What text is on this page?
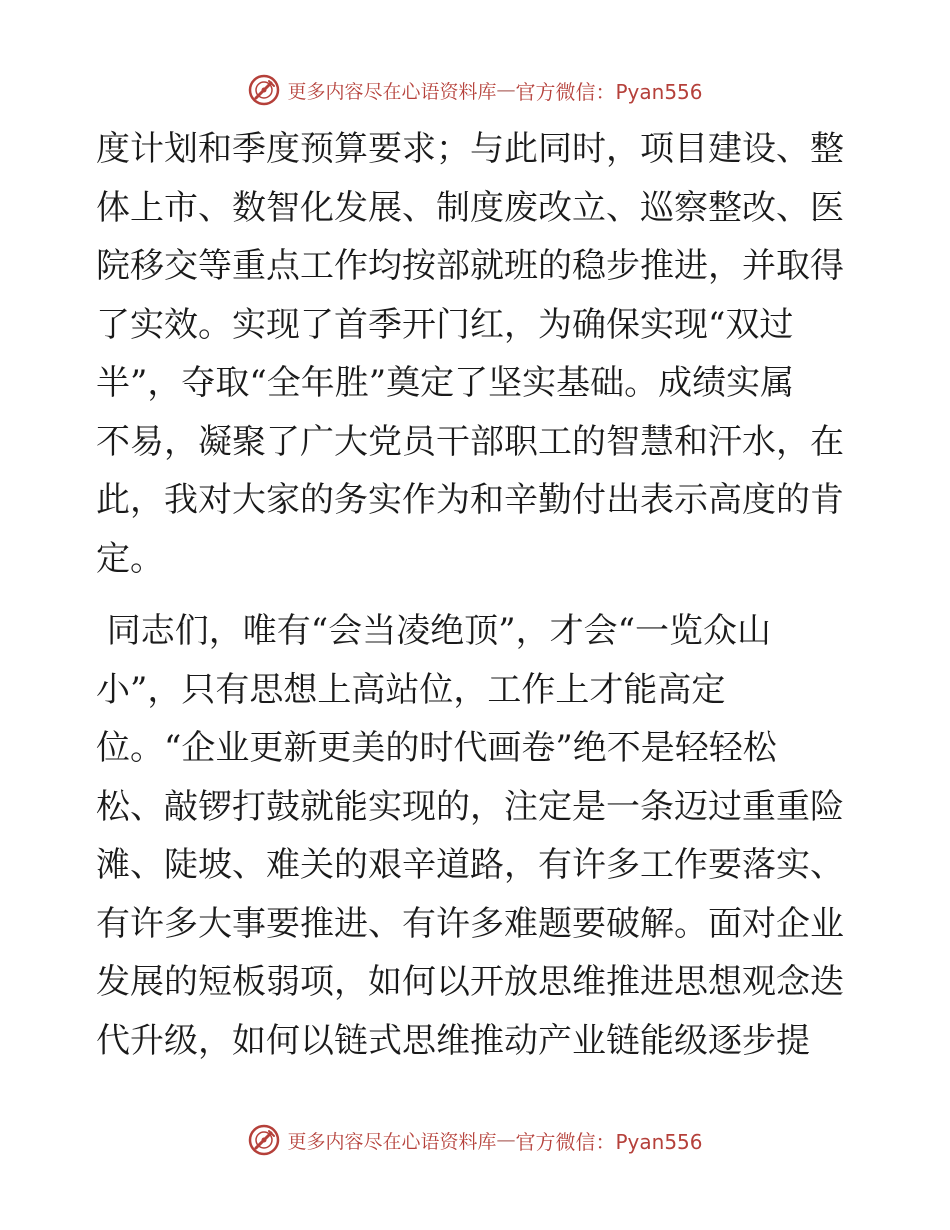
更多内容尽在心语资料库 — 官方微信：Pyan556
度计划和季度预算要求；与此同时，项目建设、整
体上市、数智化发展、制度废改立、巡察整改、医
院移交等重点工作均按部就班的稳步推进，并取得
了实效。实现了首季开门红，为确保实现“双过
半”，夺取“全年胜”奠定了坚实基础。成绩实属
不易，凝聚了广大党员干部职工的智慧和汗水，在
此，我对大家的务实作为和辛勤付出表示高度的肯
定。
同志们，唯有“会当凌绝顶”，才会“一览众山
小”，只有思想上高站位，工作上才能高定
位。“企业更新更美的时代画卷”绝不是轻轻松
松、敲锣打鼓就能实现的，注定是一条迈过重重险
滩、陡坡、难关的艰辛道路，有许多工作要落实、
有许多大事要推进、有许多难题要破解。面对企业
发展的短板弱项，如何以开放思维推进思想观念迭
代升级，如何以链式思维推动产业链能级逐步提
更多内容尽在心语资料库 — 官方微信：Pyan556
